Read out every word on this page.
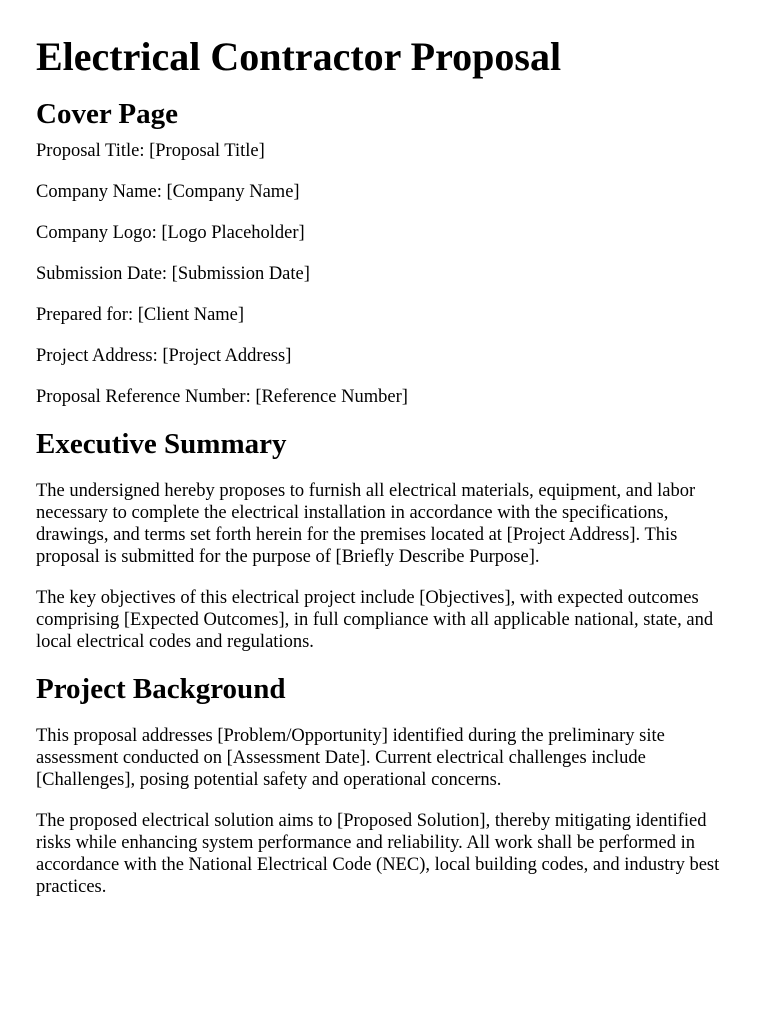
Electrical Contractor Proposal
Cover Page

Proposal Title: [Proposal Title]

Company Name: [Company Name]

Company Logo: [Logo Placeholder]

Submission Date: [Submission Date]

Prepared for: [Client Name]

Project Address: [Project Address]

Proposal Reference Number: [Reference Number]

Executive Summary

The undersigned hereby proposes to furnish all electrical materials, equipment, and labor necessary to complete the electrical installation in accordance with the specifications, drawings, and terms set forth herein for the premises located at [Project Address]. This proposal is submitted for the purpose of [Briefly Describe Purpose].

The key objectives of this electrical project include [Objectives], with expected outcomes comprising [Expected Outcomes], in full compliance with all applicable national, state, and local electrical codes and regulations.

Project Background

This proposal addresses [Problem/Opportunity] identified during the preliminary site assessment conducted on [Assessment Date]. Current electrical challenges include [Challenges], posing potential safety and operational concerns.

The proposed electrical solution aims to [Proposed Solution], thereby mitigating identified risks while enhancing system performance and reliability. All work shall be performed in accordance with the National Electrical Code (NEC), local building codes, and industry best practices.
